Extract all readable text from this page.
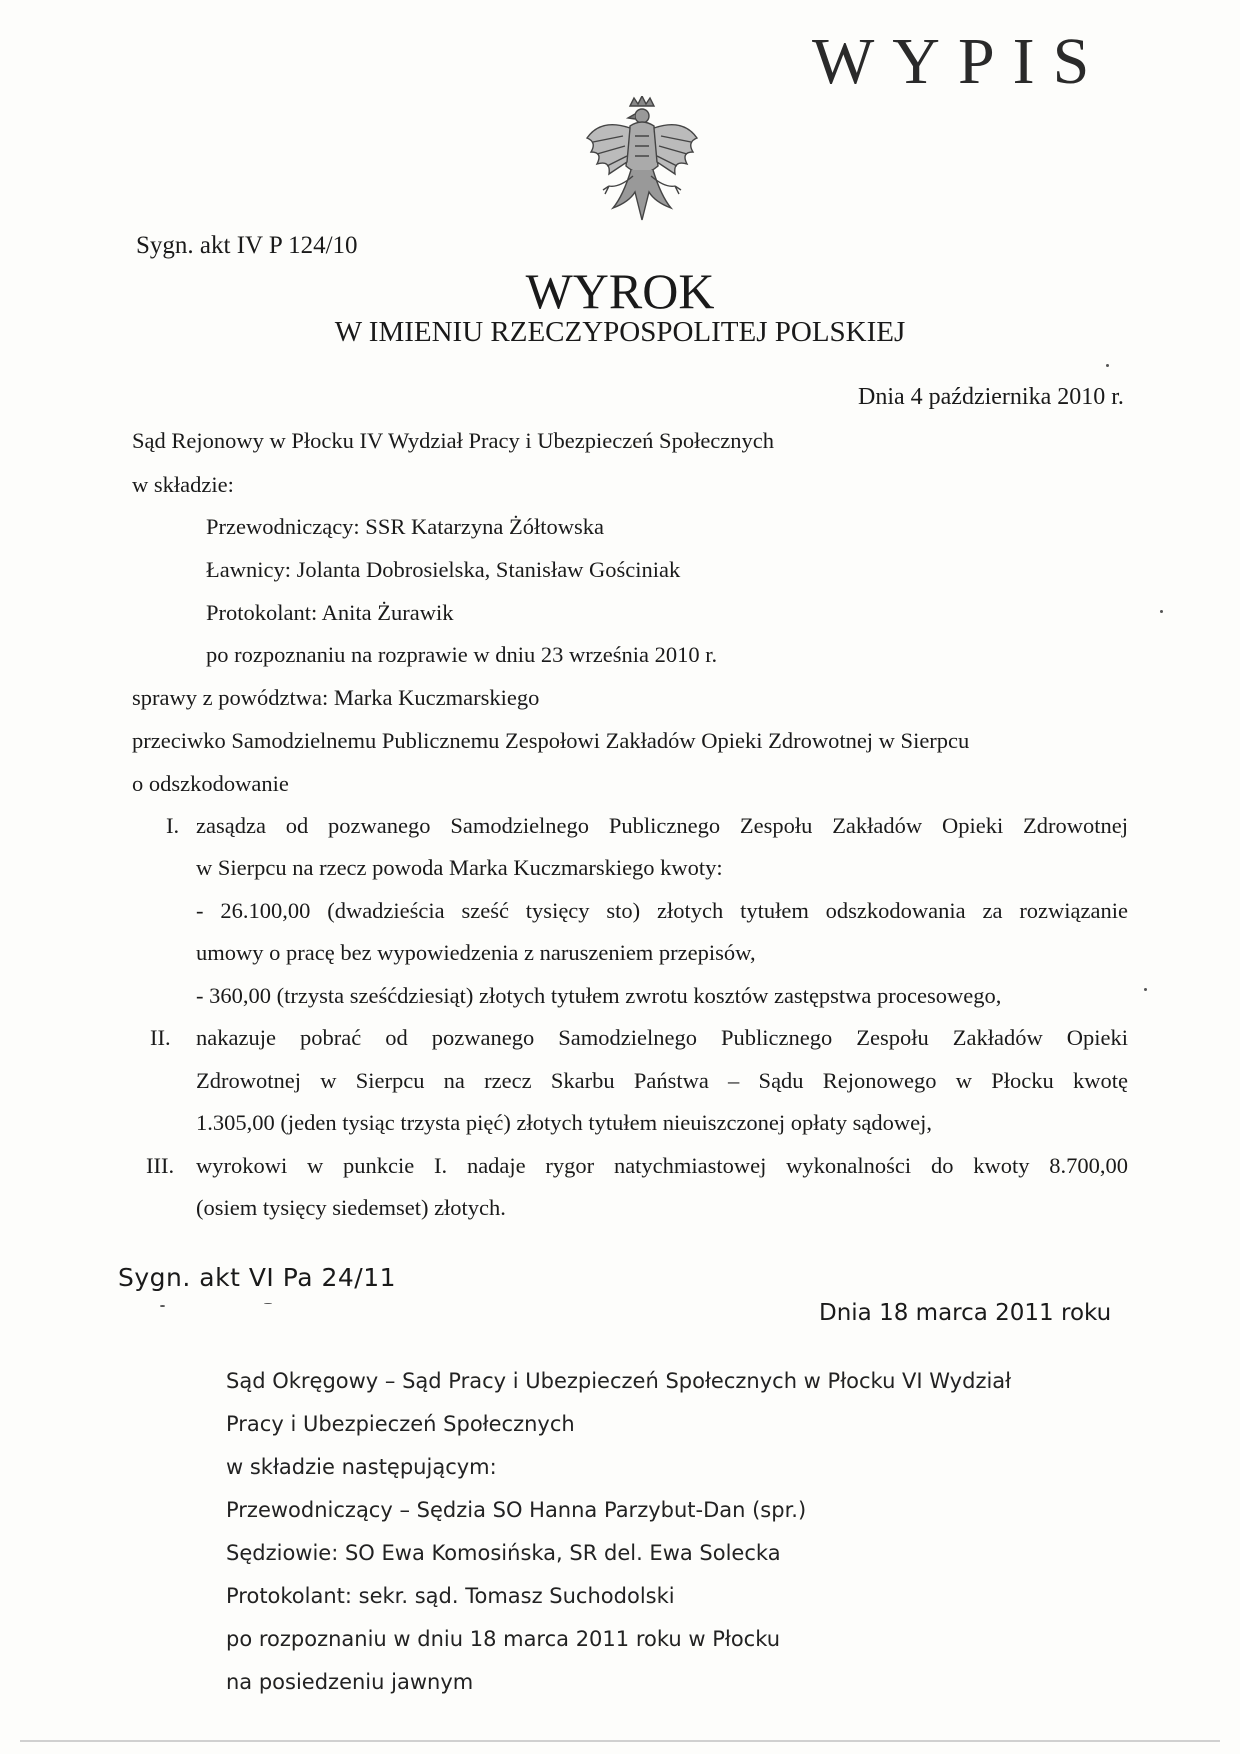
WYPIS
Sygn. akt IV P 124/10
WYROK
W IMIENIU RZECZYPOSPOLITEJ POLSKIEJ
Dnia 4 października 2010 r.
Sąd Rejonowy w Płocku IV Wydział Pracy i Ubezpieczeń Społecznych
w składzie:
Przewodniczący: SSR Katarzyna Żółtowska
Ławnicy: Jolanta Dobrosielska, Stanisław Gościniak
Protokolant: Anita Żurawik
po rozpoznaniu na rozprawie w dniu 23 września 2010 r.
sprawy z powództwa: Marka Kuczmarskiego
przeciwko Samodzielnemu Publicznemu Zespołowi Zakładów Opieki Zdrowotnej w Sierpcu
o odszkodowanie
I. zasądza od pozwanego Samodzielnego Publicznego Zespołu Zakładów Opieki Zdrowotnej
w Sierpcu na rzecz powoda Marka Kuczmarskiego kwoty:
- 26.100,00 (dwadzieścia sześć tysięcy sto) złotych tytułem odszkodowania za rozwiązanie
umowy o pracę bez wypowiedzenia z naruszeniem przepisów,
- 360,00 (trzysta sześćdziesiąt) złotych tytułem zwrotu kosztów zastępstwa procesowego,
II. nakazuje pobrać od pozwanego Samodzielnego Publicznego Zespołu Zakładów Opieki
Zdrowotnej w Sierpcu na rzecz Skarbu Państwa – Sądu Rejonowego w Płocku kwotę
1.305,00 (jeden tysiąc trzysta pięć) złotych tytułem nieuiszczonej opłaty sądowej,
III. wyrokowi w punkcie I. nadaje rygor natychmiastowej wykonalności do kwoty 8.700,00
(osiem tysięcy siedemset) złotych.
Sygn. akt VI Pa 24/11
Dnia 18 marca 2011 roku
Sąd Okręgowy – Sąd Pracy i Ubezpieczeń Społecznych w Płocku VI Wydział
Pracy i Ubezpieczeń Społecznych
w składzie następującym:
Przewodniczący – Sędzia SO Hanna Parzybut-Dan (spr.)
Sędziowie: SO Ewa Komosińska, SR del. Ewa Solecka
Protokolant: sekr. sąd. Tomasz Suchodolski
po rozpoznaniu w dniu 18 marca 2011 roku w Płocku
na posiedzeniu jawnym
